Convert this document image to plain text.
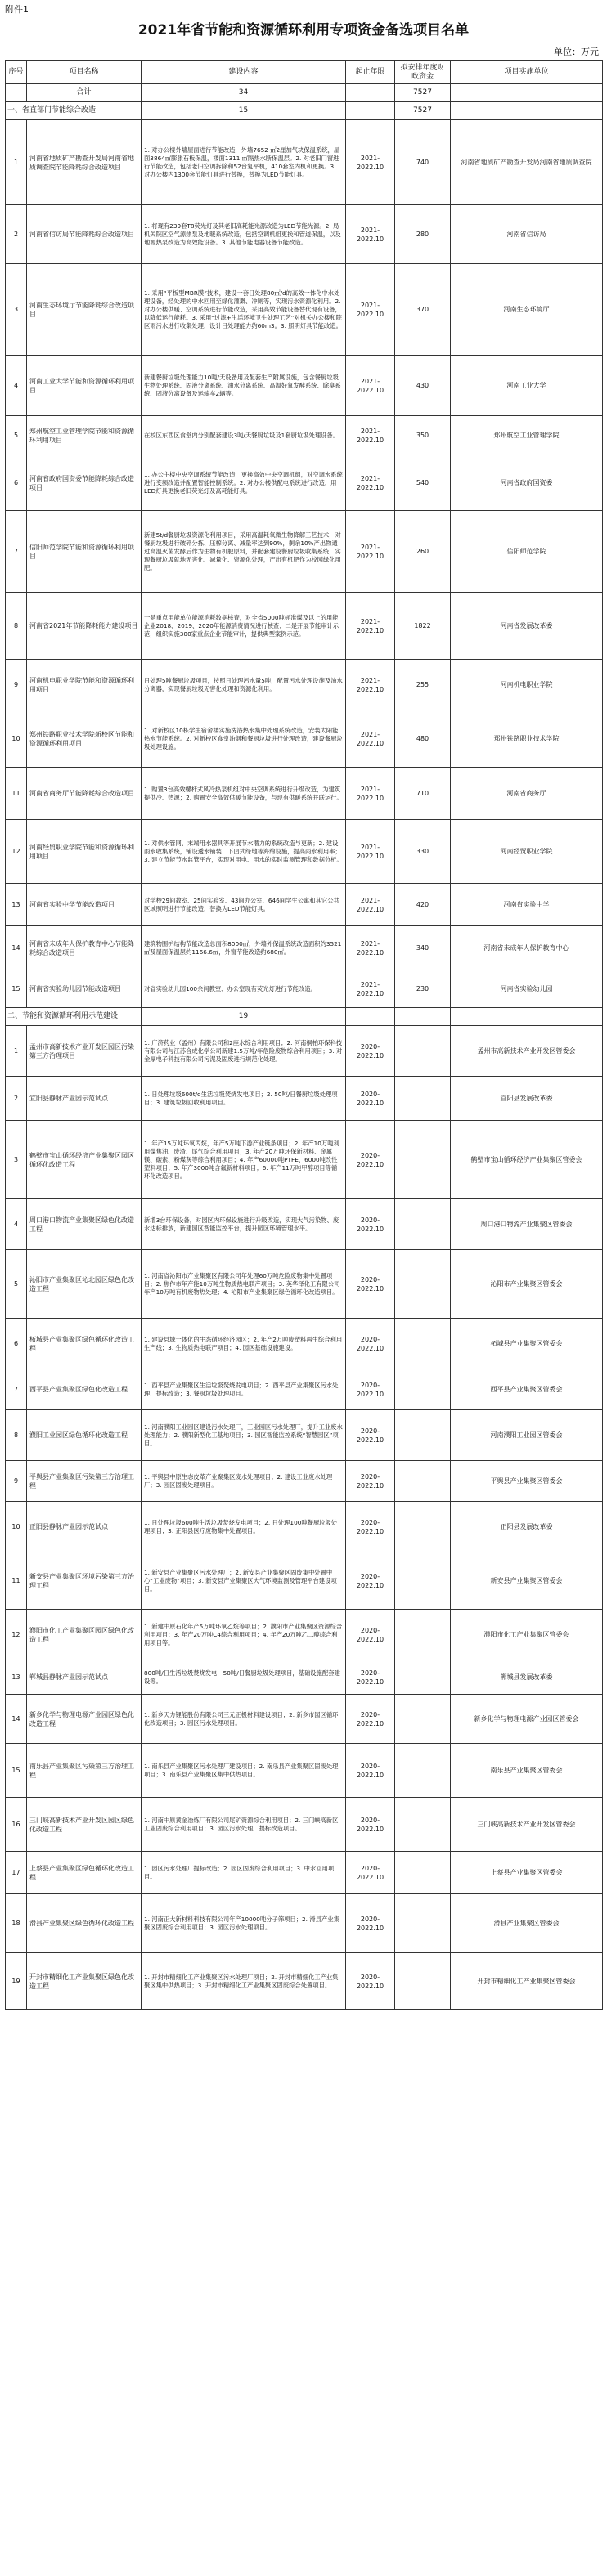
附件1
2021年省节能和资源循环利用专项资金备选项目名单
单位：万元
序号	项目名称	建设内容	起止年限	拟安排年度财政资金	项目实施单位
	合计	34		7527	
一、省直部门节能综合改造		15		7527	
1	河南省地质矿产勘查开发局河南省地质调查院节能降耗综合改造项目	1. 对办公楼外墙屋面进行节能改造，外墙7652 ㎡2厘加气块保温系统，屋面3864㎡膨胀石板保温，楼面1311 ㎡隔热水断保温层。2. 对老旧门窗进行节能改造，包括老旧空调拆除和52台复平机，410套室内机和更换。3. 对办公楼内1300套节能灯具进行替换，替换为LED节能灯具。	2021-2022.10	740	河南省地质矿产勘查开发局河南省地质调查院
2	河南省信访局节能降耗综合改造项目	1. 将现有239套T8荧光灯及其老旧高耗能光源改造为LED节能光源。2. 局机关院区空气源热泵及地暖系统改造，包括空调机组更换和管道保温，以及地源热泵改造为高效能设备。3. 其他节能电器设备节能改造。	2021-2022.10	280	河南省信访局
3	河南生态环境厅节能降耗综合改造项目	1. 采用“平板型MBR膜”技术，建设一套日处理80㎡/d的高效一体化中水处理设备，经处理的中水回用至绿化灌溉、冲厕等，实现污水资源化利用。2. 对办公楼供暖、空调系统进行节能改造，采用高效节能设备替代现有设备，以降低运行能耗。3. 采用“过滤+生活环境卫生处理工艺”对机关办公楼和院区雨污水进行收集处理，设计日处理能力约60m3。3. 照明灯具节能改造。	2021-2022.10	370	河南生态环境厅
4	河南工业大学节能和资源循环利用项目	新建餐厨垃圾处理能力10吨/天设备用及配套生产附属设施，包含餐厨垃圾生物处理系统、固液分离系统、油水分离系统、高温好氧发酵系统、除臭系统、固液分离设备及运输车2辆等。	2021-2022.10	430	河南工业大学
5	郑州航空工业管理学院节能和资源循环利用项目	在校区东西区食堂内分别配套建设3吨/天餐厨垃圾及1套厨垃圾处理设备。	2021-2022.10	350	郑州航空工业管理学院
6	河南省政府国资委节能降耗综合改造项目	1. 办公主楼中央空调系统节能改造，更换高效中央空调机组，对空调水系统进行变频改造并配置智能控制系统。2. 对办公楼供配电系统进行改造，用LED灯具更换老旧荧光灯及高耗能灯具。	2021-2022.10	540	河南省政府国资委
7	信阳师范学院节能和资源循环利用项目	新建5t/d餐厨垃圾资源化利用项目，采用高温耗氧微生物降解工艺技术，对餐厨垃圾进行破碎分拣、压榨分离、减量率达到90%，剩余10%产出物通过高温灭菌发酵后作为生物有机肥原料，并配套建设餐厨垃圾收集系统，实现餐厨垃圾就地无害化、减量化、资源化处理，产出有机肥作为校园绿化用肥。	2021-2022.10	260	信阳师范学院
8	河南省2021年节能降耗能力建设项目	一是重点用能单位能源消耗数据核查，对全省5000吨标准煤及以上的用能企业2018、2019、2020年能源消费情况进行核查；二是开展节能审计示范，组织实施300家重点企业节能审计，提供典型案例示范。	2021-2022.10	1822	河南省发展改革委
9	河南机电职业学院节能和资源循环利用项目	日处理5吨餐厨垃圾项目，按照日处理污水量5吨，配置污水处理设施及油水分离器，实现餐厨垃圾无害化处理和资源化利用。	2021-2022.10	255	河南机电职业学院
10	郑州铁路职业技术学院新校区节能和资源循环利用项目	1. 对新校区10栋学生宿舍楼实施洗浴热水集中处理系统改造，安装太阳能热水节能系统。2. 对新校区食堂油烟和餐厨垃圾进行处理改造，建设餐厨垃圾处理设施。	2021-2022.10	480	郑州铁路职业技术学院
11	河南省商务厅节能降耗综合改造项目	1. 购置3台高效螺杆式风冷热泵机组对中央空调系统进行升级改造，为建筑提供冷、热源；2. 购置安全高效供暖节能设备，与现有供暖系统并联运行。	2021-2022.10	710	河南省商务厅
12	河南经贸职业学院节能和资源循环利用项目	1. 对供水管网、末端用水器具等开展节水潜力的系统改造与更新；2. 建设雨水收集系统，铺设透水铺装、下凹式绿地等海绵设施，提高雨水利用率；3. 建立节能节水监管平台，实现对用电、用水的实时监测管理和数据分析。	2021-2022.10	330	河南经贸职业学院
13	河南省实验中学节能改造项目	对学校29间教室、25间实验室、43间办公室、646间学生公寓和其它公共区域照明进行节能改造，替换为LED节能灯具。	2021-2022.10	420	河南省实验中学
14	河南省未成年人保护教育中心节能降耗综合改造项目	建筑物围护结构节能改造总面积8000㎡，外墙外保温系统改造面积约3521㎡及屋面保温层约1166.6㎡，外窗节能改造约680㎡。	2021-2022.10	340	河南省未成年人保护教育中心
15	河南省实验幼儿园节能改造项目	对省实验幼儿园100余间教室、办公室现有荧光灯进行节能改造。	2021-2022.10	230	河南省实验幼儿园
二、节能和资源循环利用示范建设		19			
1	孟州市高新技术产业开发区园区污染第三方治理项目	1. 广济药业（孟州）有限公司和2座水综合利用项目；2. 河南桐柏环保科技有限公司与江苏合成化学公司新建1.5万吨/年危险废物综合利用项目；3. 对金厚电子科技有限公司污泥及固废进行规范化处理。	2020-2022.10		孟州市高新技术产业开发区管委会
2	宜阳县静脉产业园示范试点	1. 日处理垃圾600t/d生活垃圾焚烧发电项目；2. 50吨/日餐厨垃圾处理项目；3. 建筑垃圾回收利用项目。	2020-2022.10		宜阳县发展改革委
3	鹤壁市宝山循环经济产业集聚区园区循环化改造工程	1. 年产15万吨环氧丙烷，年产5万吨下游产业链条项目；2. 年产10万吨利用煤焦油、废渣、尾气综合利用项目；3. 年产20万吨环保新材料、金属镁、碳素、粉煤灰等综合利用项目；4. 年产60000吨PTFE、6000吨改性塑料项目；5. 年产3000吨含氟新材料项目；6. 年产11万吨甲醇项目等循环化改造项目。	2020-2022.10		鹤壁市宝山循环经济产业集聚区管委会
4	周口港口物流产业集聚区绿色化改造工程	新增3台环保设备，对园区内环保设施进行升级改造，实现大气污染物、废水达标排放，新建园区智能监控平台，提升园区环境管理水平。	2020-2022.10		周口港口物流产业集聚区管委会
5	沁阳市产业集聚区沁北园区绿色化改造工程	1. 河南省沁阳市产业集聚区有限公司年处理60万吨危险废物集中处置项目；2. 焦作市年产能10万吨生物质热电联产项目；3. 英华泽化工有限公司年产10万吨有机废物热处理；4. 沁阳市产业集聚区绿色循环化改造项目。	2020-2022.10		沁阳市产业集聚区管委会
6	柘城县产业集聚区绿色循环化改造工程	1. 建设县域一体化的生态循环经济园区；2. 年产2万吨废塑料再生综合利用生产线；3. 生物质热电联产项目；4. 园区基础设施建设。	2020-2022.10		柘城县产业集聚区管委会
7	西平县产业集聚区绿色化改造工程	1. 西平县产业集聚区生活垃圾焚烧发电项目；2. 西平县产业集聚区污水处理厂提标改造；3. 餐厨垃圾处理项目。	2020-2022.10		西平县产业集聚区管委会
8	濮阳工业园区绿色循环化改造工程	1. 河南濮阳工业园区建设污水处理厂，工业园区污水处理厂，提升工业废水处理能力；2. 濮阳新型化工基地项目；3. 园区智能监控系统“智慧园区”项目。	2020-2022.10		河南濮阳工业园区管委会
9	平舆县产业集聚区污染第三方治理工程	1. 平舆县中原生态皮革产业聚集区废水处理项目；2. 建设工业废水处理厂；3. 园区固废处理项目。	2020-2022.10		平舆县产业集聚区管委会
10	正阳县静脉产业园示范试点	1. 日处理垃圾600吨生活垃圾焚烧发电项目；2. 日处理100吨餐厨垃圾处理项目；3. 正阳县医疗废物集中处置项目。	2020-2022.10		正阳县发展改革委
11	新安县产业集聚区环境污染第三方治理工程	1. 新安县产业集聚区污水处理厂；2. 新安县产业集聚区固废集中处置中心“工业废物”项目；3. 新安县产业集聚区大气环境监测及管理平台建设项目。	2020-2022.10		新安县产业集聚区管委会
12	濮阳市化工产业集聚区园区绿色化改造工程	1. 新建中原石化年产5万吨环氧乙烷等项目；2. 濮阳市产业集聚区资源综合利用项目；3. 年产20万吨C4综合利用项目；4. 年产20万吨乙二醇综合利用项目等。	2020-2022.10		濮阳市化工产业集聚区管委会
13	郸城县静脉产业园示范试点	800吨/日生活垃圾焚烧发电，50吨/日餐厨垃圾处理项目，基础设施配套建设等。	2020-2022.10		郸城县发展改革委
14	新乡化学与物理电源产业园区绿色化改造工程	1. 新乡天力锂能股份有限公司三元正极材料建设项目；2. 新乡市园区循环化改造项目；3. 园区污水处理项目。	2020-2022.10		新乡化学与物理电源产业园区管委会
15	南乐县产业集聚区污染第三方治理工程	1. 南乐县产业集聚区污水处理厂建设项目；2. 南乐县产业集聚区固废处理项目；3. 南乐县产业集聚区集中供热项目。	2020-2022.10		南乐县产业集聚区管委会
16	三门峡高新技术产业开发区园区绿色化改造工程	1. 河南中原黄金冶炼厂有限公司尾矿资源综合利用项目；2. 三门峡高新区工业固废综合利用项目；3. 园区污水处理厂提标改造项目。	2020-2022.10		三门峡高新技术产业开发区管委会
17	上蔡县产业集聚区绿色循环化改造工程	1. 园区污水处理厂提标改造；2. 园区固废综合利用项目；3. 中水回用项目。	2020-2022.10		上蔡县产业集聚区管委会
18	滑县产业集聚区绿色循环化改造工程	1. 河南正大新材料科技有限公司年产10000吨分子筛项目；2. 滑县产业集聚区固废综合利用项目；3. 园区污水处理项目。	2020-2022.10		滑县产业集聚区管委会
19	开封市精细化工产业集聚区绿色化改造工程	1. 开封市精细化工产业集聚区污水处理厂项目；2. 开封市精细化工产业集聚区集中供热项目；3. 开封市精细化工产业集聚区固废综合处置项目。	2020-2022.10		开封市精细化工产业集聚区管委会
